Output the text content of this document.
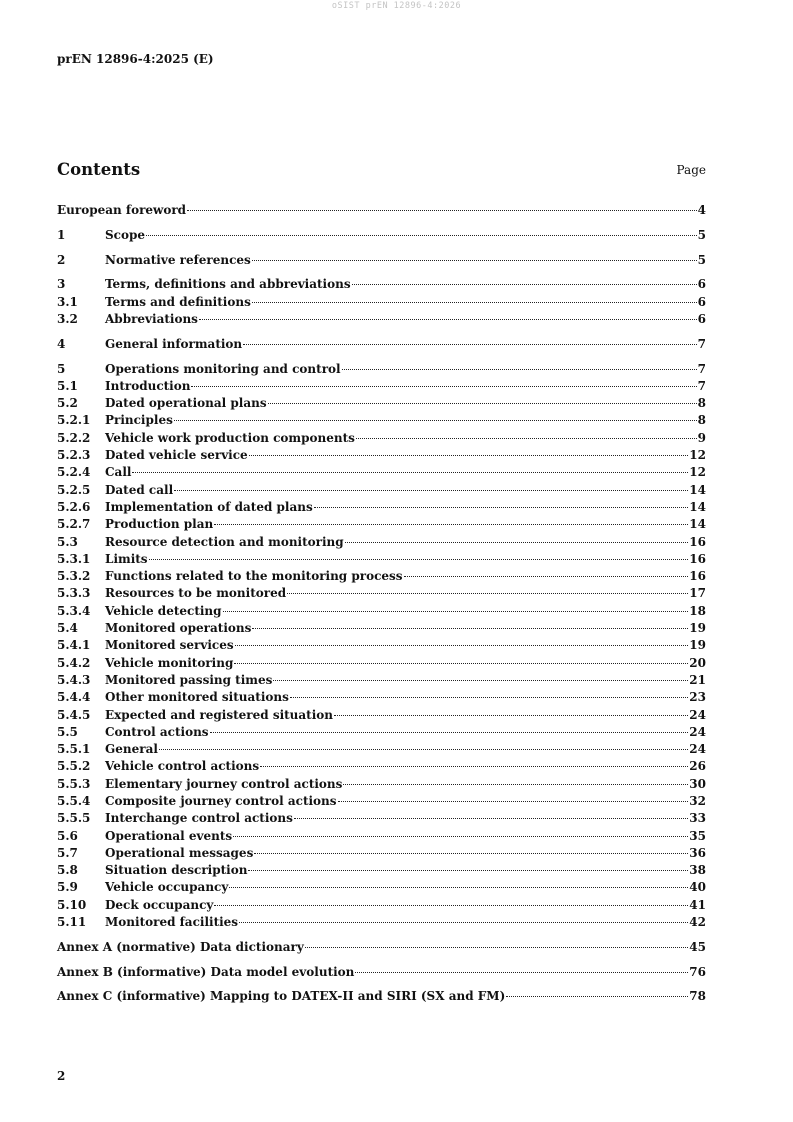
oSIST prEN 12896-4:2026
prEN 12896-4:2025 (E)
Contents	Page
European foreword	4
1	Scope	5
2	Normative references	5
3	Terms, definitions and abbreviations	6
3.1	Terms and definitions	6
3.2	Abbreviations	6
4	General information	7
5	Operations monitoring and control	7
5.1	Introduction	7
5.2	Dated operational plans	8
5.2.1	Principles	8
5.2.2	Vehicle work production components	9
5.2.3	Dated vehicle service	12
5.2.4	Call	12
5.2.5	Dated call	14
5.2.6	Implementation of dated plans	14
5.2.7	Production plan	14
5.3	Resource detection and monitoring	16
5.3.1	Limits	16
5.3.2	Functions related to the monitoring process	16
5.3.3	Resources to be monitored	17
5.3.4	Vehicle detecting	18
5.4	Monitored operations	19
5.4.1	Monitored services	19
5.4.2	Vehicle monitoring	20
5.4.3	Monitored passing times	21
5.4.4	Other monitored situations	23
5.4.5	Expected and registered situation	24
5.5	Control actions	24
5.5.1	General	24
5.5.2	Vehicle control actions	26
5.5.3	Elementary journey control actions	30
5.5.4	Composite journey control actions	32
5.5.5	Interchange control actions	33
5.6	Operational events	35
5.7	Operational messages	36
5.8	Situation description	38
5.9	Vehicle occupancy	40
5.10	Deck occupancy	41
5.11	Monitored facilities	42
Annex A (normative) Data dictionary	45
Annex B (informative) Data model evolution	76
Annex C (informative) Mapping to DATEX-II and SIRI (SX and FM)	78
2
